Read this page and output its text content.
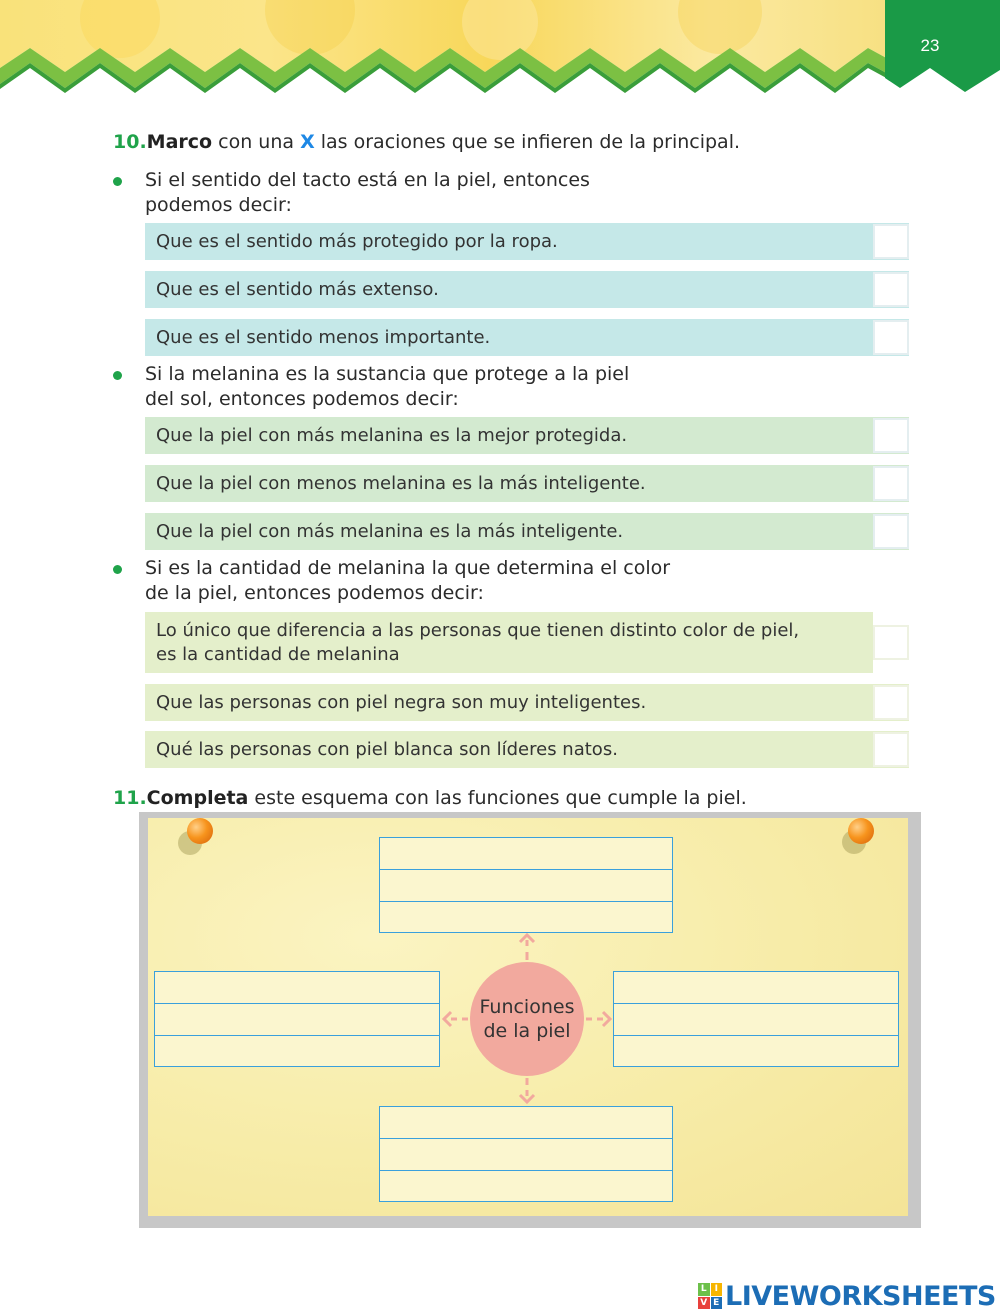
23
10.Marco con una X las oraciones que se infieren de la principal.
Si el sentido del tacto está en la piel, entonces
podemos decir:
Que es el sentido más protegido por la ropa.
Que es el sentido más extenso.
Que es el sentido menos importante.
Si la melanina es la sustancia que protege a la piel
del sol, entonces podemos decir:
Que la piel con más melanina es la mejor protegida.
Que la piel con menos melanina es la más inteligente.
Que la piel con más melanina es la más inteligente.
Si es la cantidad de melanina la que determina el color
de la piel, entonces podemos decir:
Lo único que diferencia a las personas que tienen distinto color de piel,
es la cantidad de melanina
Que las personas con piel negra son muy inteligentes.
Qué las personas con piel blanca son líderes natos.
11.Completa este esquema con las funciones que cumple la piel.
Funciones
de la piel
L I
V E LIVEWORKSHEETS
